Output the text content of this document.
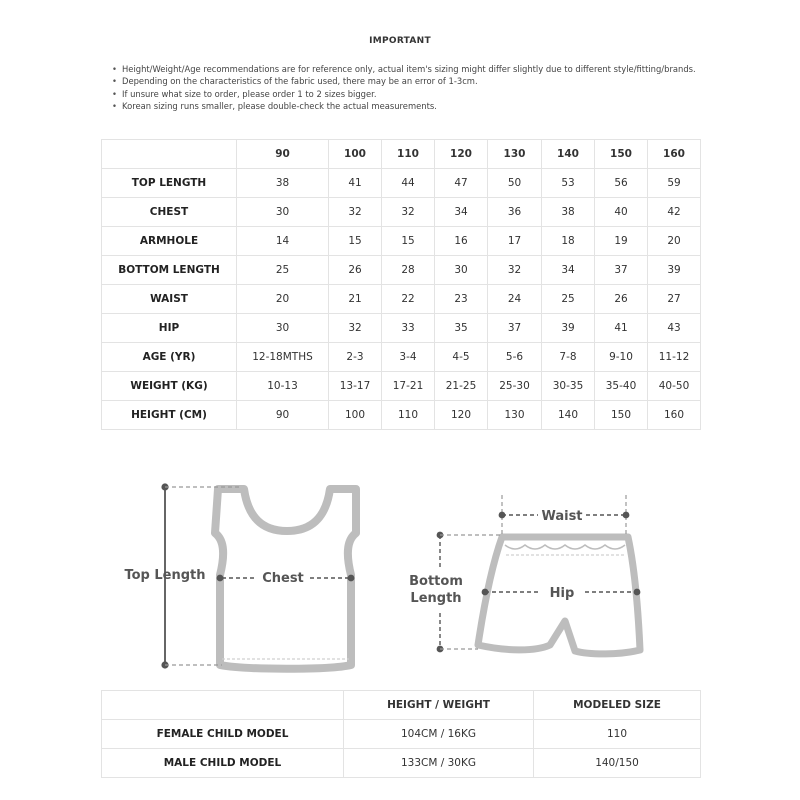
IMPORTANT
• Height/Weight/Age recommendations are for reference only, actual item's sizing might differ slightly due to different style/fitting/brands.
• Depending on the characteristics of the fabric used, there may be an error of 1-3cm.
• If unsure what size to order, please order 1 to 2 sizes bigger.
• Korean sizing runs smaller, please double-check the actual measurements.
	90	100	110	120	130	140	150	160
TOP LENGTH	38	41	44	47	50	53	56	59
CHEST	30	32	32	34	36	38	40	42
ARMHOLE	14	15	15	16	17	18	19	20
BOTTOM LENGTH	25	26	28	30	32	34	37	39
WAIST	20	21	22	23	24	25	26	27
HIP	30	32	33	35	37	39	41	43
AGE (YR)	12-18MTHS	2-3	3-4	4-5	5-6	7-8	9-10	11-12
WEIGHT (KG)	10-13	13-17	17-21	21-25	25-30	30-35	35-40	40-50
HEIGHT (CM)	90	100	110	120	130	140	150	160
Top Length	Chest
Waist
Bottom
Length	Hip
	HEIGHT / WEIGHT	MODELED SIZE
FEMALE CHILD MODEL	104CM / 16KG	110
MALE CHILD MODEL	133CM / 30KG	140/150
